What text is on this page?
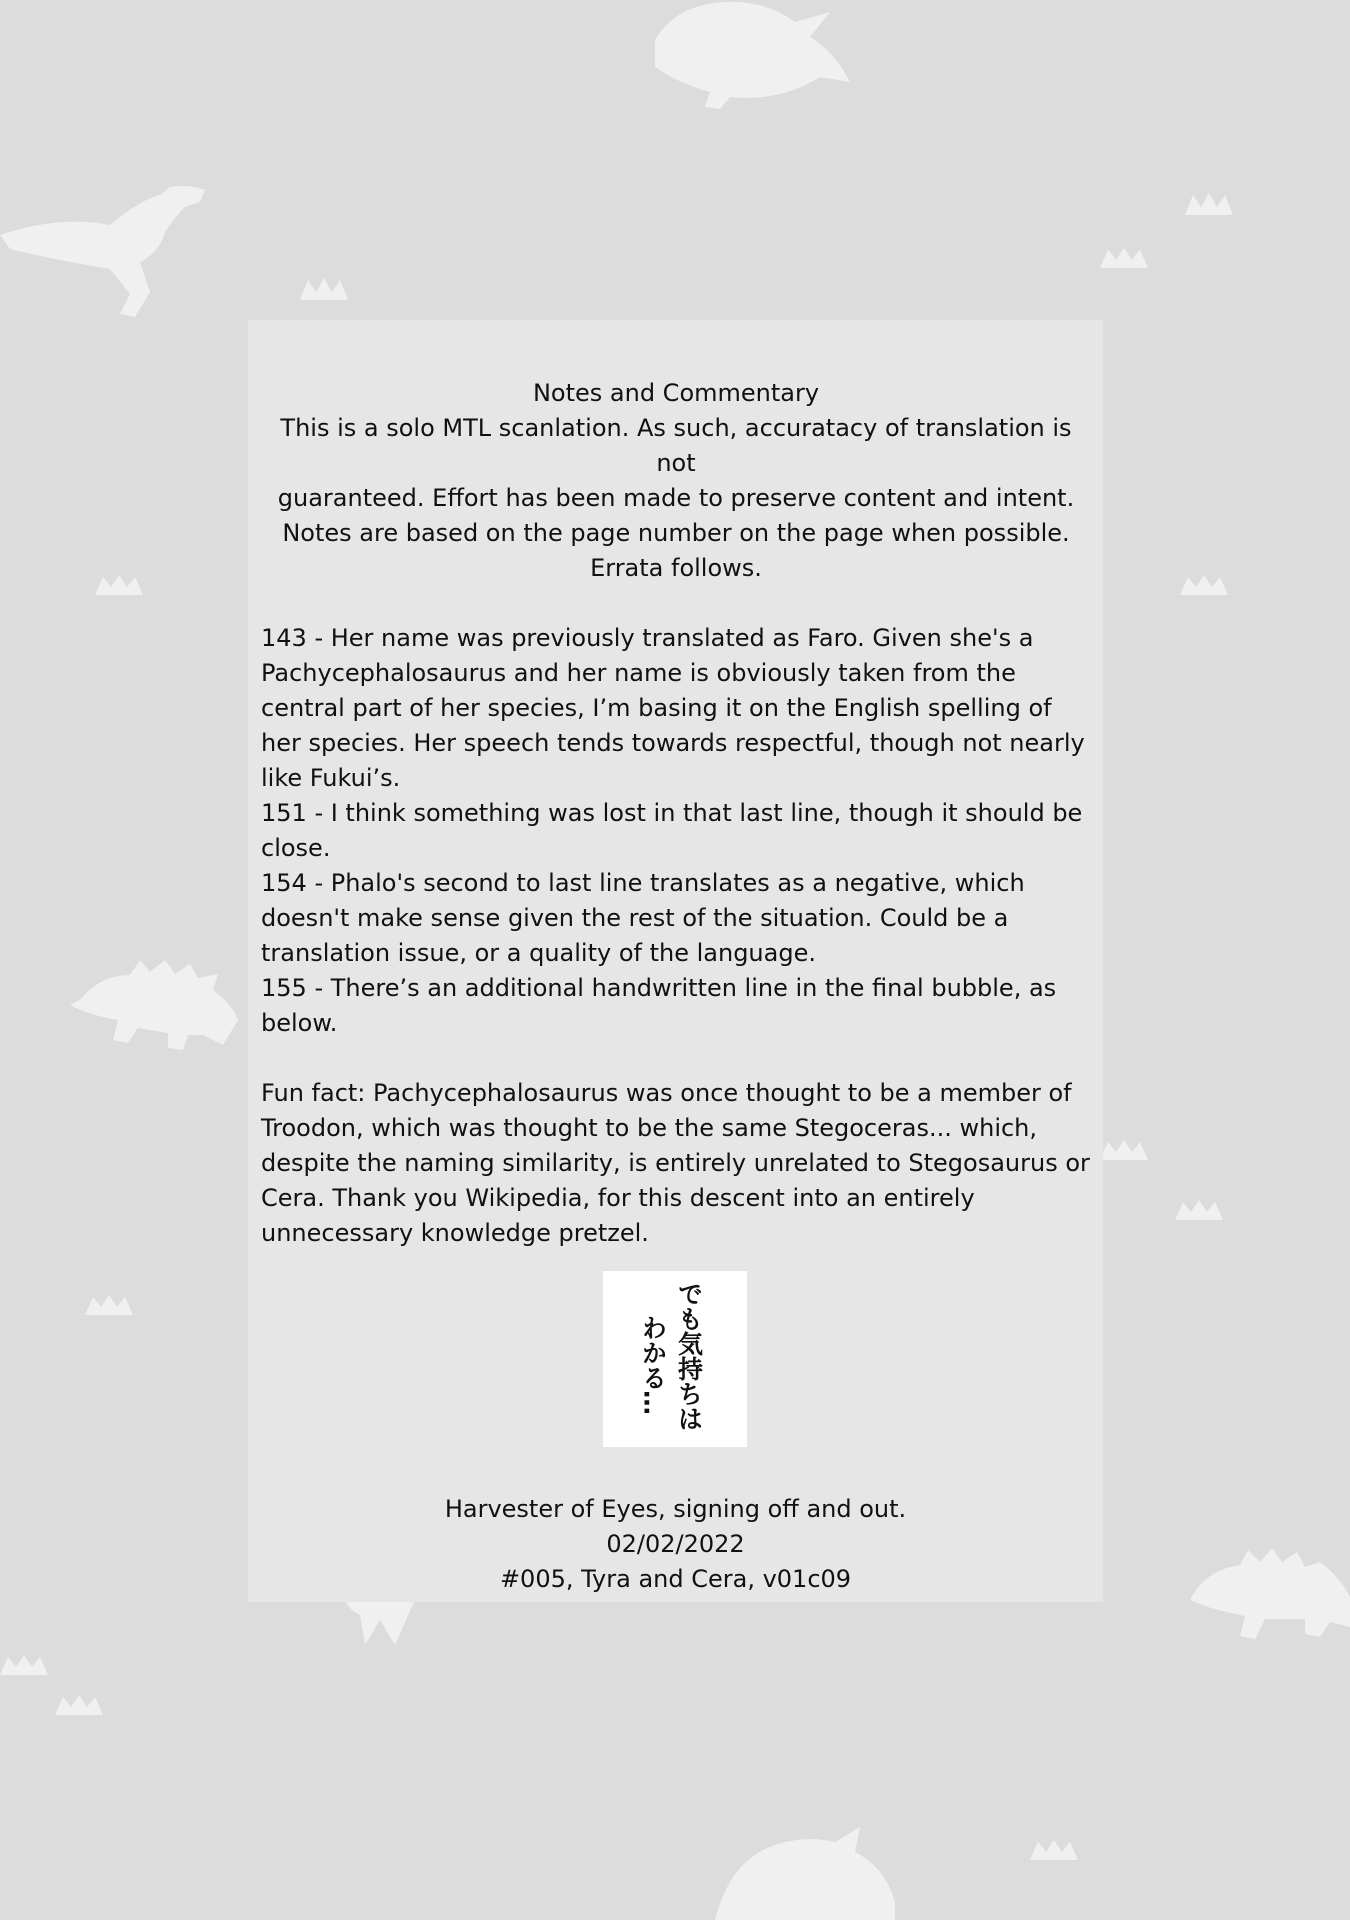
Notes and Commentary
This is a solo MTL scanlation. As such, accuratacy of translation is not
guaranteed. Effort has been made to preserve content and intent.
Notes are based on the page number on the page when possible.
Errata follows.

143 - Her name was previously translated as Faro. Given she's a Pachycephalosaurus and her name is obviously taken from the central part of her species, I’m basing it on the English spelling of her species. Her speech tends towards respectful, though not nearly like Fukui’s.

151 - I think something was lost in that last line, though it should be close.

154 - Phalo's second to last line translates as a negative, which doesn't make sense given the rest of the situation. Could be a translation issue, or a quality of the language.

155 - There’s an additional handwritten line in the final bubble, as below.

Fun fact: Pachycephalosaurus was once thought to be a member of Troodon, which was thought to be the same Stegoceras... which, despite the naming similarity, is entirely unrelated to Stegosaurus or Cera. Thank you Wikipedia, for this descent into an entirely unnecessary knowledge pretzel.

でも気持ちは
わかる…
Harvester of Eyes, signing off and out.
02/02/2022
#005, Tyra and Cera, v01c09
